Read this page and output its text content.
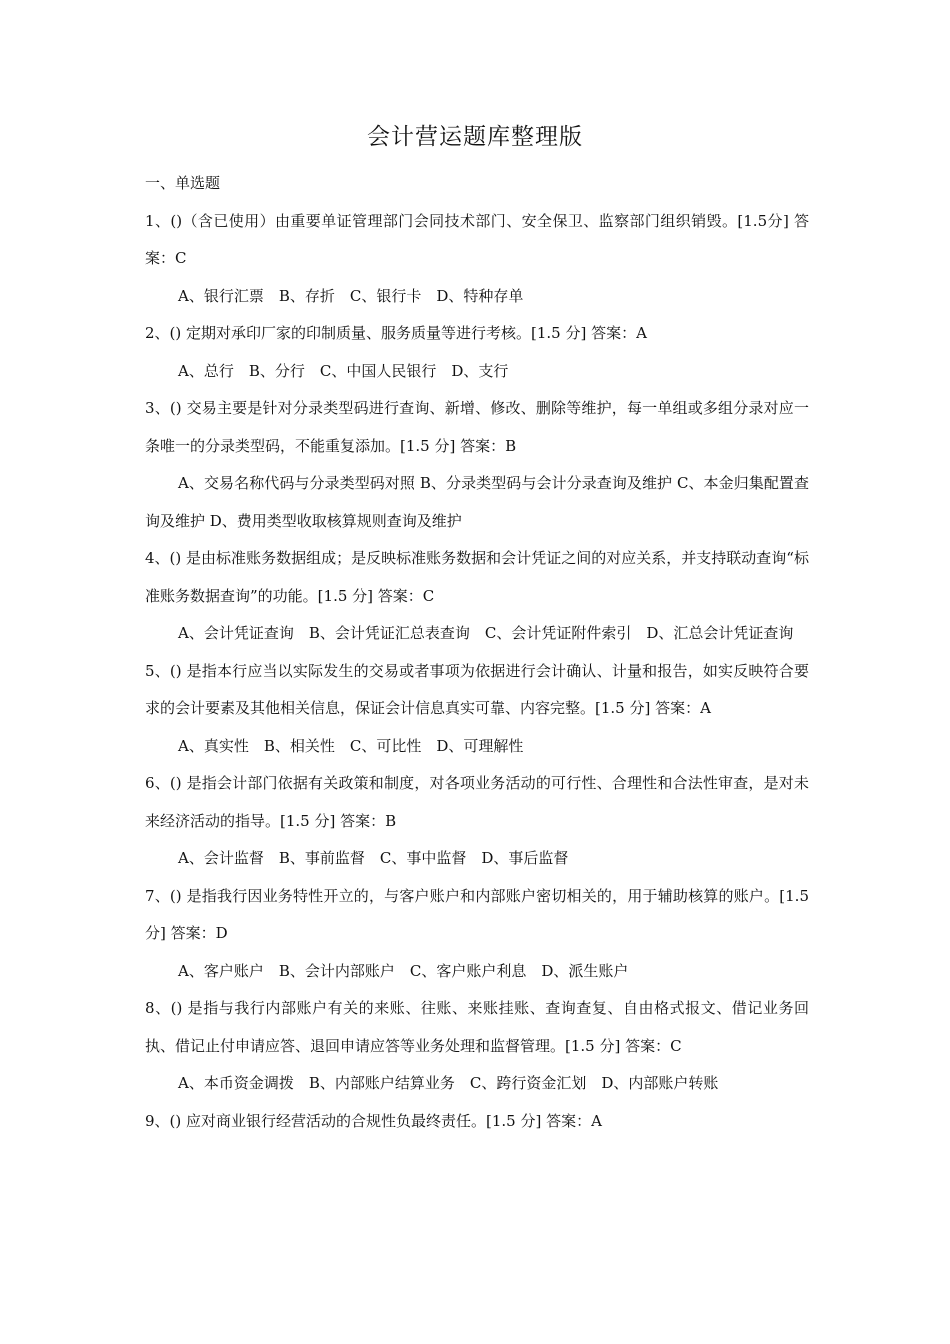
会计营运题库整理版

一、单选题

1、()（含已使用）由重要单证管理部门会同技术部门、安全保卫、监察部门组织销毁。[1.5分] 答案：C

A、银行汇票　B、存折　C、银行卡　D、特种存单

2、() 定期对承印厂家的印制质量、服务质量等进行考核。[1.5 分] 答案：A

A、总行　B、分行　C、中国人民银行　D、支行

3、() 交易主要是针对分录类型码进行查询、新增、修改、删除等维护，每一单组或多组分录对应一条唯一的分录类型码，不能重复添加。[1.5 分] 答案：B

A、交易名称代码与分录类型码对照 B、分录类型码与会计分录查询及维护 C、本金归集配置查询及维护 D、费用类型收取核算规则查询及维护

4、() 是由标准账务数据组成；是反映标准账务数据和会计凭证之间的对应关系，并支持联动查询“标准账务数据查询”的功能。[1.5 分] 答案：C

A、会计凭证查询　B、会计凭证汇总表查询　C、会计凭证附件索引　D、汇总会计凭证查询

5、() 是指本行应当以实际发生的交易或者事项为依据进行会计确认、计量和报告，如实反映符合要求的会计要素及其他相关信息，保证会计信息真实可靠、内容完整。[1.5 分] 答案：A

A、真实性　B、相关性　C、可比性　D、可理解性

6、() 是指会计部门依据有关政策和制度，对各项业务活动的可行性、合理性和合法性审查，是对未来经济活动的指导。[1.5 分] 答案：B

A、会计监督　B、事前监督　C、事中监督　D、事后监督

7、() 是指我行因业务特性开立的，与客户账户和内部账户密切相关的，用于辅助核算的账户。[1.5 分] 答案：D

A、客户账户　B、会计内部账户　C、客户账户利息　D、派生账户

8、() 是指与我行内部账户有关的来账、往账、来账挂账、查询查复、自由格式报文、借记业务回执、借记止付申请应答、退回申请应答等业务处理和监督管理。[1.5 分] 答案：C

A、本币资金调拨　B、内部账户结算业务　C、跨行资金汇划　D、内部账户转账

9、() 应对商业银行经营活动的合规性负最终责任。[1.5 分] 答案：A
